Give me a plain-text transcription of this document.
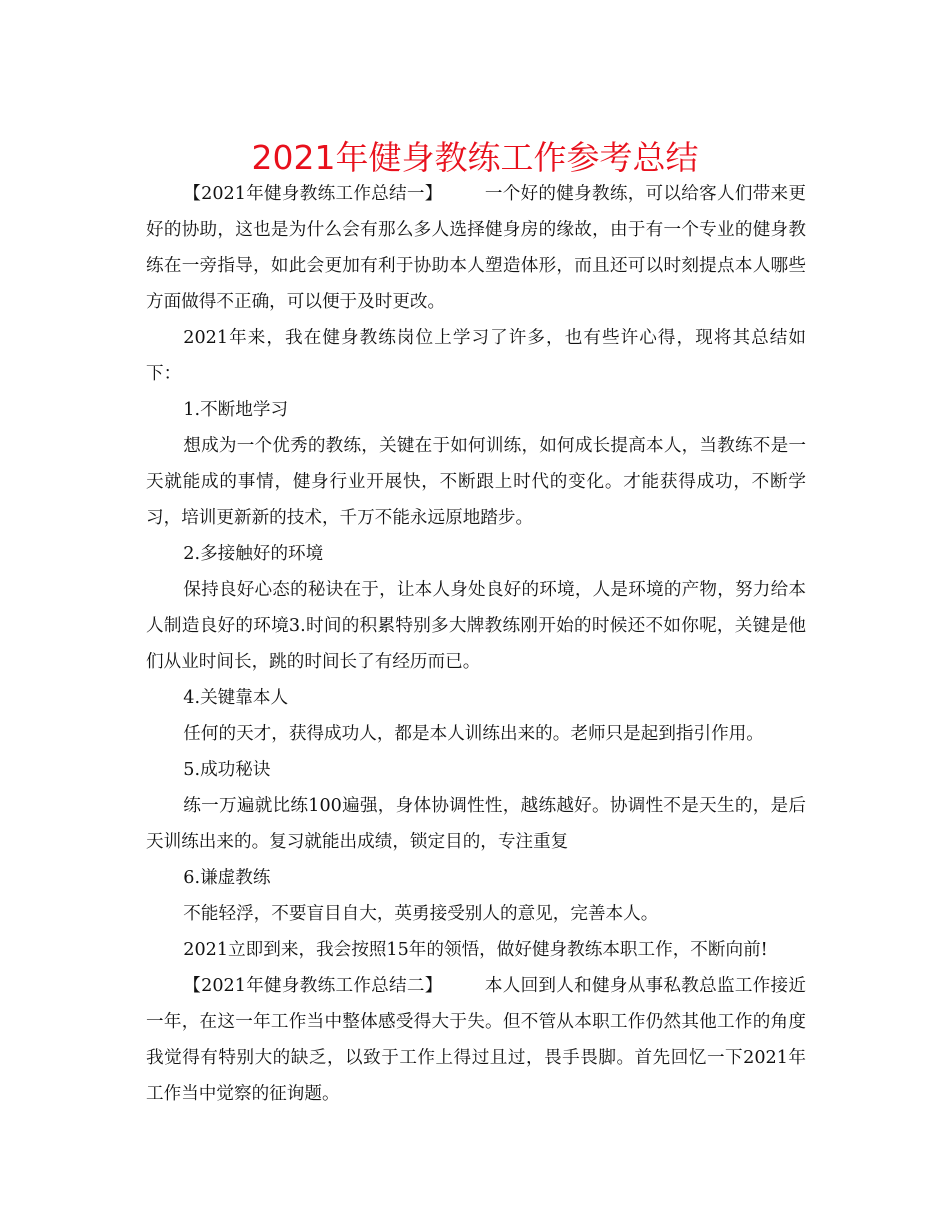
2021年健身教练工作参考总结

【2021年健身教练工作总结一】 一个好的健身教练，可以给客人们带来更好的协助，这也是为什么会有那么多人选择健身房的缘故，由于有一个专业的健身教练在一旁指导，如此会更加有利于协助本人塑造体形，而且还可以时刻提点本人哪些方面做得不正确，可以便于及时更改。

2021年来，我在健身教练岗位上学习了许多，也有些许心得，现将其总结如下：

1.不断地学习

想成为一个优秀的教练，关键在于如何训练，如何成长提高本人，当教练不是一天就能成的事情，健身行业开展快，不断跟上时代的变化。才能获得成功，不断学习，培训更新新的技术，千万不能永远原地踏步。

2.多接触好的环境

保持良好心态的秘诀在于，让本人身处良好的环境，人是环境的产物，努力给本人制造良好的环境3.时间的积累特别多大牌教练刚开始的时候还不如你呢，关键是他们从业时间长，跳的时间长了有经历而已。

4.关键靠本人

任何的天才，获得成功人，都是本人训练出来的。老师只是起到指引作用。

5.成功秘诀

练一万遍就比练100遍强，身体协调性性，越练越好。协调性不是天生的，是后天训练出来的。复习就能出成绩，锁定目的，专注重复

6.谦虚教练

不能轻浮，不要盲目自大，英勇接受别人的意见，完善本人。

2021立即到来，我会按照15年的领悟，做好健身教练本职工作，不断向前!

【2021年健身教练工作总结二】 本人回到人和健身从事私教总监工作接近一年，在这一年工作当中整体感受得大于失。但不管从本职工作仍然其他工作的角度我觉得有特别大的缺乏，以致于工作上得过且过，畏手畏脚。首先回忆一下2021年工作当中觉察的征询题。
